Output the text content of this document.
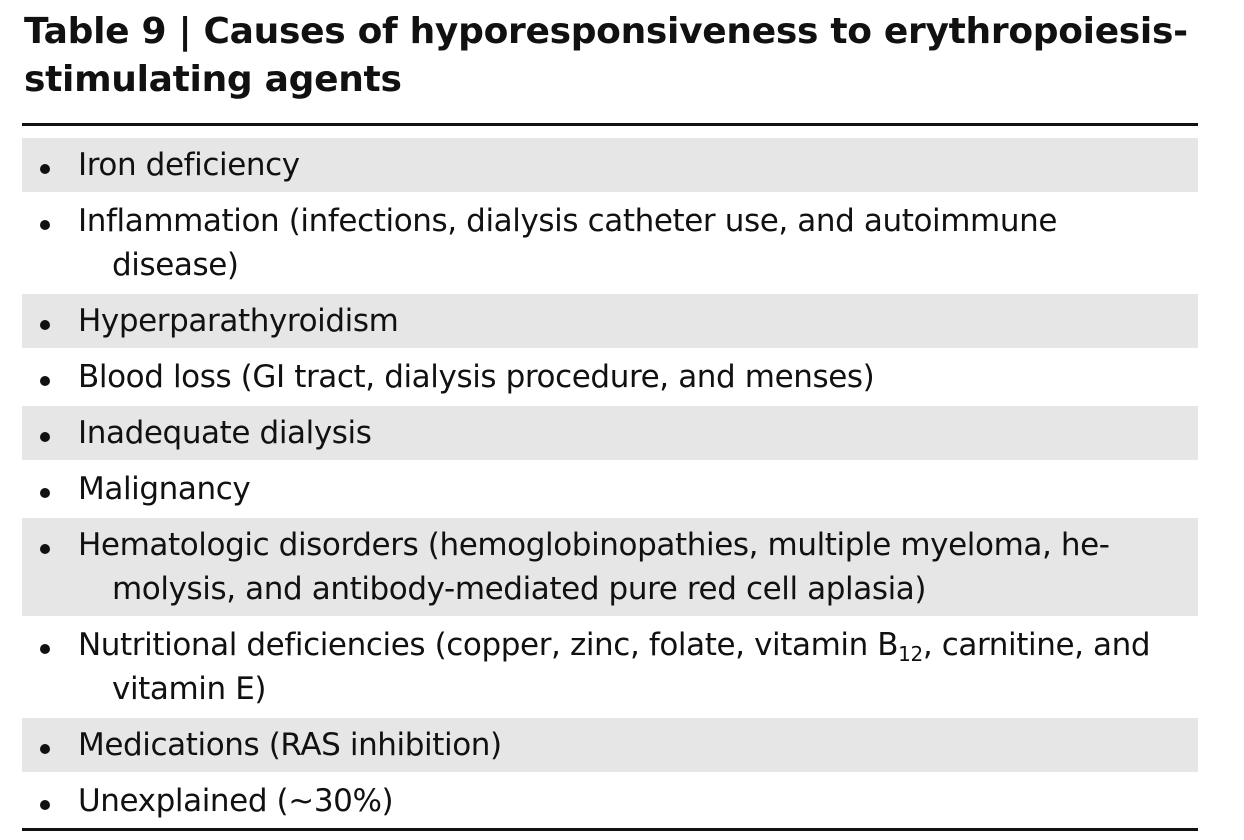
Table 9 | Causes of hyporesponsiveness to erythropoiesis-
stimulating agents
Iron deficiency
Inflammation (infections, dialysis catheter use, and autoimmune
disease)
Hyperparathyroidism
Blood loss (GI tract, dialysis procedure, and menses)
Inadequate dialysis
Malignancy
Hematologic disorders (hemoglobinopathies, multiple myeloma, he-
molysis, and antibody-mediated pure red cell aplasia)
Nutritional deficiencies (copper, zinc, folate, vitamin $B_{12}$, carnitine, and
vitamin E)
Medications (RAS inhibition)
Unexplained (∼30%)
